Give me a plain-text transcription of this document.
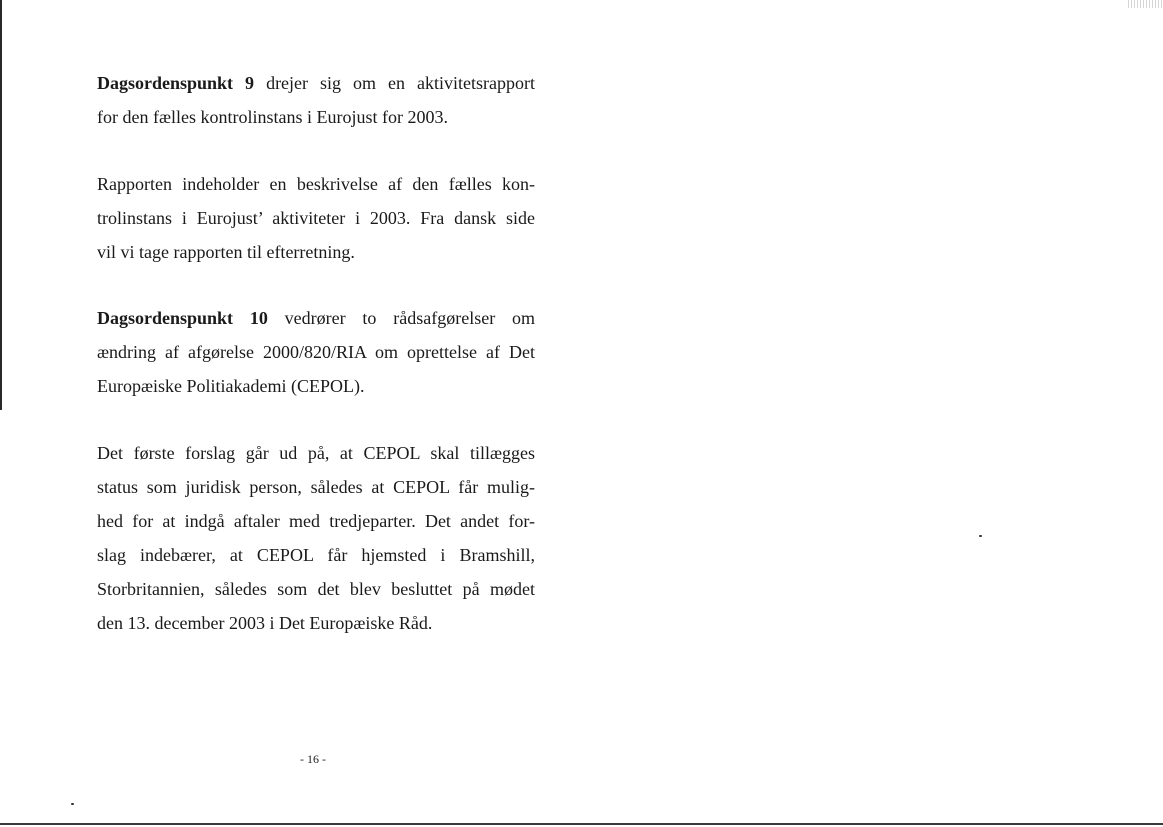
Dagsordenspunkt 9 drejer sig om en aktivitetsrapport
for den fælles kontrolinstans i Eurojust for 2003.

Rapporten indeholder en beskrivelse af den fælles kon-
trolinstans i Eurojust’ aktiviteter i 2003. Fra dansk side
vil vi tage rapporten til efterretning.

Dagsordenspunkt 10 vedrører to rådsafgørelser om
ændring af afgørelse 2000/820/RIA om oprettelse af Det
Europæiske Politiakademi (CEPOL).

Det første forslag går ud på, at CEPOL skal tillægges
status som juridisk person, således at CEPOL får mulig-
hed for at indgå aftaler med tredjeparter. Det andet for-
slag indebærer, at CEPOL får hjemsted i Bramshill,
Storbritannien, således som det blev besluttet på mødet
den 13. december 2003 i Det Europæiske Råd.

- 16 -
